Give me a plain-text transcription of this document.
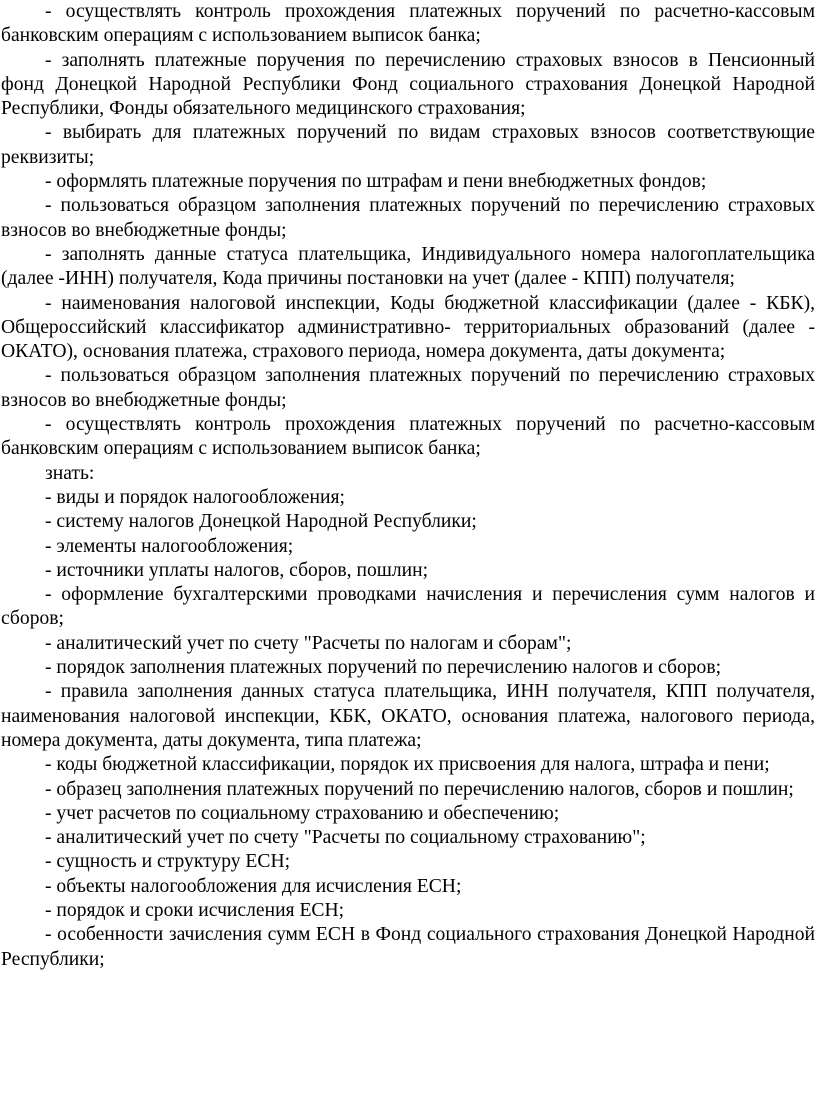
- осуществлять контроль прохождения платежных поручений по расчетно-кассовым банковским операциям с использованием выписок банка;

- заполнять платежные поручения по перечислению страховых взносов в Пенсионный фонд Донецкой Народной Республики Фонд социального страхования Донецкой Народной Республики, Фонды обязательного медицинского страхования;

- выбирать для платежных поручений по видам страховых взносов соответствующие реквизиты;

- оформлять платежные поручения по штрафам и пени внебюджетных фондов;

- пользоваться образцом заполнения платежных поручений по перечислению страховых взносов во внебюджетные фонды;

- заполнять данные статуса плательщика, Индивидуального номера налогоплательщика (далее -ИНН) получателя, Кода причины постановки на учет (далее - КПП) получателя;

- наименования налоговой инспекции, Коды бюджетной классификации (далее - КБК), Общероссийский классификатор административно- территориальных образований (далее - ОКАТО), основания платежа, страхового периода, номера документа, даты документа;

- пользоваться образцом заполнения платежных поручений по перечислению страховых взносов во внебюджетные фонды;

- осуществлять контроль прохождения платежных поручений по расчетно-кассовым банковским операциям с использованием выписок банка;

знать:

- виды и порядок налогообложения;

- систему налогов Донецкой Народной Республики;

- элементы налогообложения;

- источники уплаты налогов, сборов, пошлин;

- оформление бухгалтерскими проводками начисления и перечисления сумм налогов и сборов;

- аналитический учет по счету "Расчеты по налогам и сборам";

- порядок заполнения платежных поручений по перечислению налогов и сборов;

- правила заполнения данных статуса плательщика, ИНН получателя, КПП получателя, наименования налоговой инспекции, КБК, ОКАТО, основания платежа, налогового периода, номера документа, даты документа, типа платежа;

- коды бюджетной классификации, порядок их присвоения для налога, штрафа и пени;

- образец заполнения платежных поручений по перечислению налогов, сборов и пошлин;

- учет расчетов по социальному страхованию и обеспечению;

- аналитический учет по счету "Расчеты по социальному страхованию";

- сущность и структуру ЕСН;

- объекты налогообложения для исчисления ЕСН;

- порядок и сроки исчисления ЕСН;

- особенности зачисления сумм ЕСН в Фонд социального страхования Донецкой Народной Республики;
